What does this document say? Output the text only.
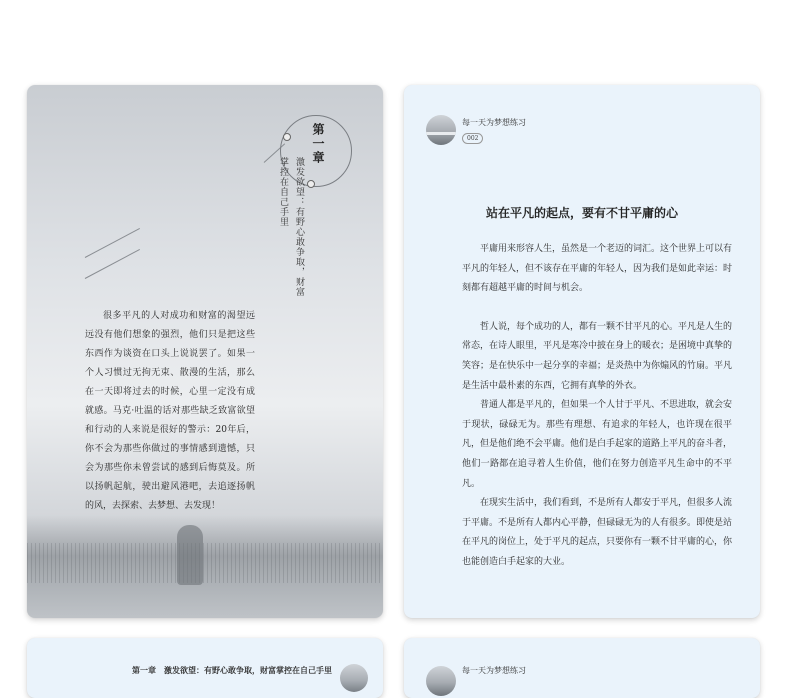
第一章
激发欲望：有野心敢争取，财富
掌控在自己手里

很多平凡的人对成功和财富的渴望远远没有他们想象的强烈，他们只是把这些东西作为谈资在口头上说说罢了。如果一个人习惯过无拘无束、散漫的生活，那么在一天即将过去的时候，心里一定没有成就感。马克·吐温的话对那些缺乏致富欲望和行动的人来说是很好的警示：20年后，你不会为那些你做过的事情感到遗憾，只会为那些你未曾尝试的感到后悔莫及。所以扬帆起航，驶出避风港吧，去追逐扬帆的风，去探索、去梦想、去发现！

每一天为梦想练习
002
站在平凡的起点，要有不甘平庸的心

平庸用来形容人生，虽然是一个老迈的词汇。这个世界上可以有平凡的年轻人，但不该存在平庸的年轻人，因为我们是如此幸运：时刻都有超越平庸的时间与机会。

哲人说，每个成功的人，都有一颗不甘平凡的心。平凡是人生的常态，在诗人眼里，平凡是寒冷中披在身上的暖衣；是困境中真挚的笑容；是在快乐中一起分享的幸福；是炎热中为你煽风的竹扇。平凡是生活中最朴素的东西，它拥有真挚的外衣。

普通人都是平凡的，但如果一个人甘于平凡、不思进取，就会安于现状，碌碌无为。那些有理想、有追求的年轻人，也许现在很平凡，但是他们绝不会平庸。他们是白手起家的道路上平凡的奋斗者，他们一路都在追寻着人生价值，他们在努力创造平凡生命中的不平凡。

在现实生活中，我们看到，不是所有人都安于平凡，但很多人流于平庸。不是所有人都内心平静，但碌碌无为的人有很多。即使是站在平凡的岗位上，处于平凡的起点，只要你有一颗不甘平庸的心，你也能创造白手起家的大业。

第一章　激发欲望：有野心敢争取，财富掌控在自己手里	每一天为梦想练习
